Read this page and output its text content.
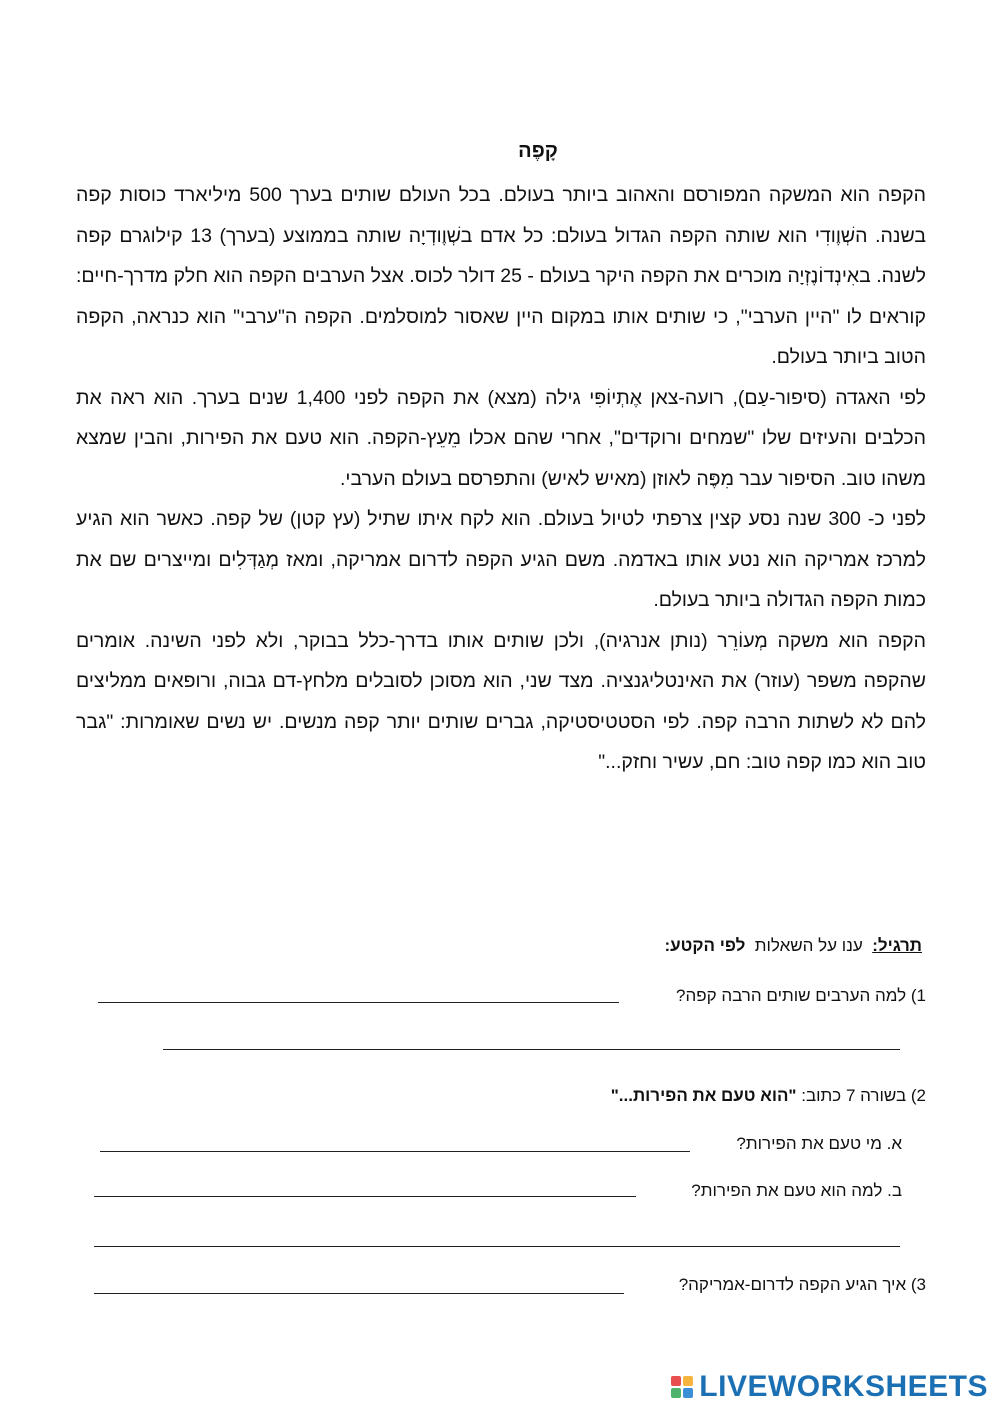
קָפֶה

הקפה הוא המשקה המפורסם והאהוב ביותר בעולם. בכל העולם שותים בערך 500 מיליארד כוסות קפה בשנה. השְׁוֶודִי הוא שותה הקפה הגדול בעולם: כל אדם בשְׁוֶודְיָה שותה בממוצע (בערך) 13 קילוגרם קפה לשנה. באִינְדוֹנֶזְיָה מוכרים את הקפה היקר בעולם - 25 דולר לכוס. אצל הערבים הקפה הוא חלק מדרך-חיים: קוראים לו "היין הערבי", כי שותים אותו במקום היין שאסור למוסלמים. הקפה ה"ערבי" הוא כנראה, הקפה הטוב ביותר בעולם.

לפי האגדה (סיפור-עַם), רועה-צאן אֶתְיוֹפִּי גילה (מצא) את הקפה לפני 1,400 שנים בערך. הוא ראה את הכלבים והעיזים שלו "שמחים ורוקדים", אחרי שהם אכלו מֵעֵץ-הקפה. הוא טעם את הפירות, והבין שמצא משהו טוב. הסיפור עבר מִפֶּה לאוזן (מאיש לאיש) והתפרסם בעולם הערבי.

לפני כ- 300 שנה נסע קצין צרפתי לטיול בעולם. הוא לקח איתו שתיל (עץ קטן) של קפה. כאשר הוא הגיע למרכז אמריקה הוא נטע אותו באדמה. משם הגיע הקפה לדרום אמריקה, ומאז מְגַדְּלִים ומייצרים שם את כמות הקפה הגדולה ביותר בעולם.

הקפה הוא משקה מְעוֹרֵר (נותן אנרגיה), ולכן שותים אותו בדרך-כלל בבוקר, ולא לפני השינה. אומרים שהקפה משפר (עוזר) את האינטליגנציה. מצד שני, הוא מסוכן לסובלים מלחץ-דם גבוה, ורופאים ממליצים להם לא לשתות הרבה קפה. לפי הסטטיסטיקה, גברים שותים יותר קפה מנשים. יש נשים שאומרות: "גבר טוב הוא כמו קפה טוב: חם, עשיר וחזק..."

תרגיל:  ענו על השאלות  לפי הקטע:
1) למה הערבים שותים הרבה קפה?
2) בשורה 7 כתוב: "הוא טעם את הפירות..."
א. מי טעם את הפירות?
ב. למה הוא טעם את הפירות?
3) איך הגיע הקפה לדרום-אמריקה?
LIVEWORKSHEETS
